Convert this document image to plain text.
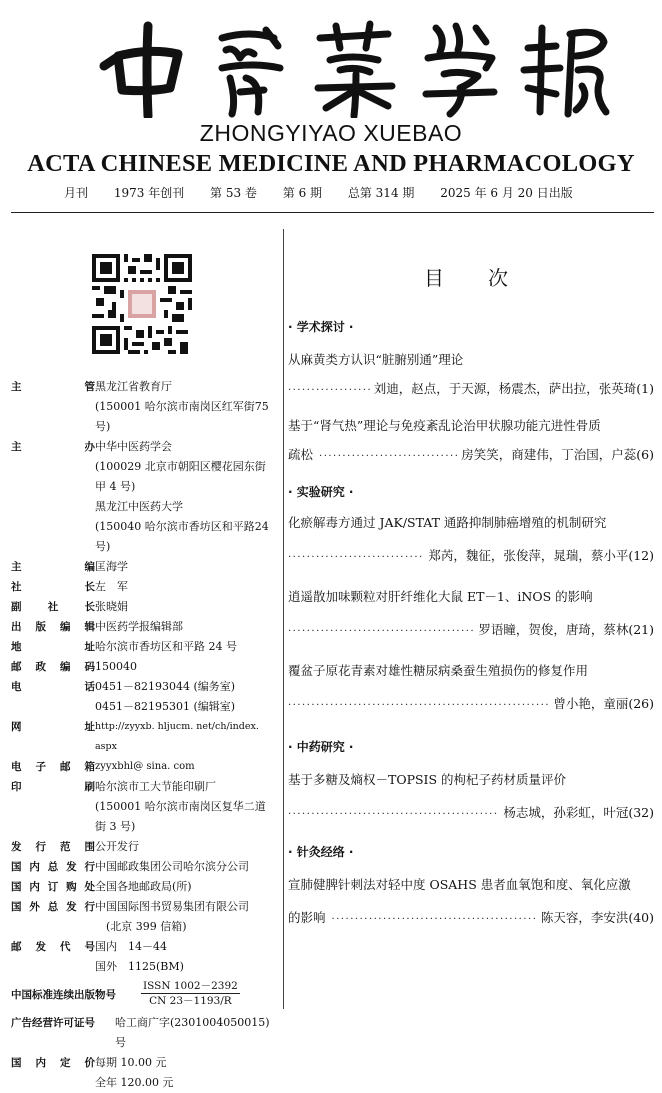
ZHONGYIYAO XUEBAO
ACTA CHINESE MEDICINE AND PHARMACOLOGY
月刊 1973 年创刊 第 53 卷 第 6 期 总第 314 期 2025 年 6 月 20 日出版
主	管 黑龙江省教育厅
(150001 哈尔滨市南岗区红军街75号)
主	办 中华中医药学会
(100029 北京市朝阳区樱花园东街
甲 4 号)
黑龙江中医药大学
(150040 哈尔滨市香坊区和平路24号)
主	编 匡海学
社	长 左　军
副	社	长 张晓娟
出 版 编 辑 中医药学报编辑部
地	址 哈尔滨市香坊区和平路 24 号
邮 政 编 码 150040
电	话 0451－82193044 (编务室)
0451－82195301 (编辑室)
网	址 http://zyyxb. hljucm. net/ch/index. aspx
电 子 邮 箱 zyyxbhl@ sina. com
印	刷 哈尔滨市工大节能印刷厂
(150001 哈尔滨市南岗区复华二道
街 3 号)
发 行 范 围 公开发行
国 内 总 发 行 中国邮政集团公司哈尔滨分公司
国 内 订 购 处 全国各地邮政局(所)
国 外 总 发 行 中国国际图书贸易集团有限公司
　(北京 399 信箱)
邮 发 代 号 国内　14－44
国外　1125(BM)
中国标准连续出版物号
ISSN 1002－2392
CN 23－1193/R
广告经营许可证号	哈工商广字(2301004050015)号
国 内 定 价 每期 10.00 元
全年 120.00 元
目次
· 学术探讨 ·
从麻黄类方认识“脏腑别通”理论
·····
刘迪，赵点，于天源，杨震杰，萨出拉，张英琦(1)
基于“肾气热”理论与免疫紊乱论治甲状腺功能亢进性骨质
疏松 ·····	房笑笑，商建伟，丁治国，户蕊(6)
· 实验研究 ·
化瘀解毒方通过 JAK/STAT 通路抑制肺癌增殖的机制研究
·····
郑芮，魏征，张俊萍，晁瑞，蔡小平(12)
逍遥散加味颗粒对肝纤维化大鼠 ET－1、iNOS 的影响
·····
罗语瞳，贺俊，唐琦，蔡林(21)
覆盆子原花青素对雄性糖尿病桑蚕生殖损伤的修复作用
·····
曾小艳，童丽(26)
· 中药研究 ·
基于多糖及熵权－TOPSIS 的枸杞子药材质量评价
·····
杨志城，孙彩虹，叶冠(32)
· 针灸经络 ·
宣肺健脾针刺法对轻中度 OSAHS 患者血氧饱和度、氧化应激
的影响 ·····	陈天容，李安洪(40)
